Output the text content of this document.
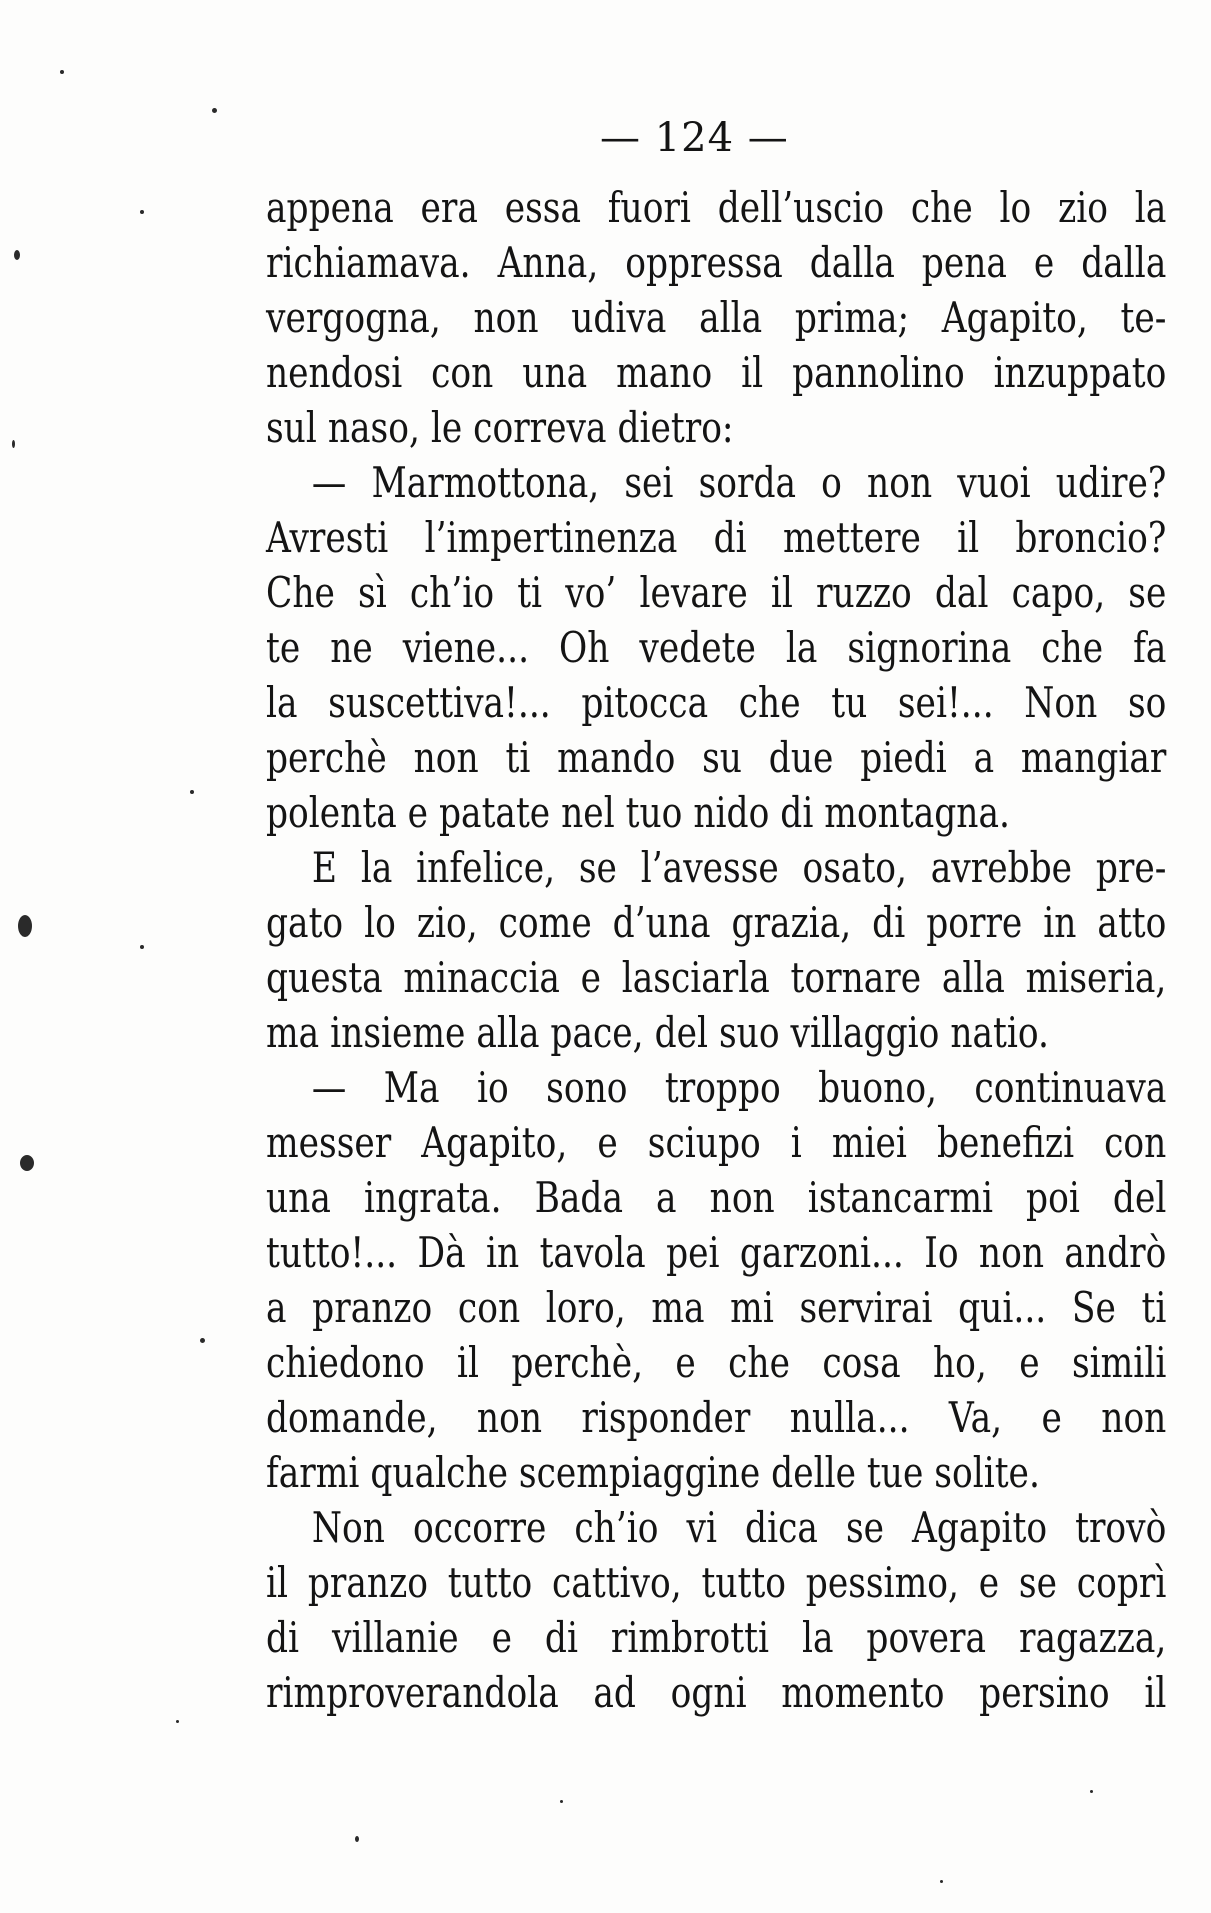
— 124 —
appena era essa fuori dell’uscio che lo zio la
richiamava. Anna, oppressa dalla pena e dalla
vergogna, non udiva alla prima; Agapito, te-
nendosi con una mano il pannolino inzuppato
sul naso, le correva dietro:
— Marmottona, sei sorda o non vuoi udire?
Avresti l’impertinenza di mettere il broncio?
Che sì ch’io ti vo’ levare il ruzzo dal capo, se
te ne viene... Oh vedete la signorina che fa
la suscettiva!... pitocca che tu sei!... Non so
perchè non ti mando su due piedi a mangiar
polenta e patate nel tuo nido di montagna.
E la infelice, se l’avesse osato, avrebbe pre-
gato lo zio, come d’una grazia, di porre in atto
questa minaccia e lasciarla tornare alla miseria,
ma insieme alla pace, del suo villaggio natio.
— Ma io sono troppo buono, continuava
messer Agapito, e sciupo i miei benefizi con
una ingrata. Bada a non istancarmi poi del
tutto!... Dà in tavola pei garzoni... Io non andrò
a pranzo con loro, ma mi servirai qui... Se ti
chiedono il perchè, e che cosa ho, e simili
domande, non risponder nulla... Va, e non
farmi qualche scempiaggine delle tue solite.
Non occorre ch’io vi dica se Agapito trovò
il pranzo tutto cattivo, tutto pessimo, e se coprì
di villanie e di rimbrotti la povera ragazza,
rimproverandola ad ogni momento persino il
